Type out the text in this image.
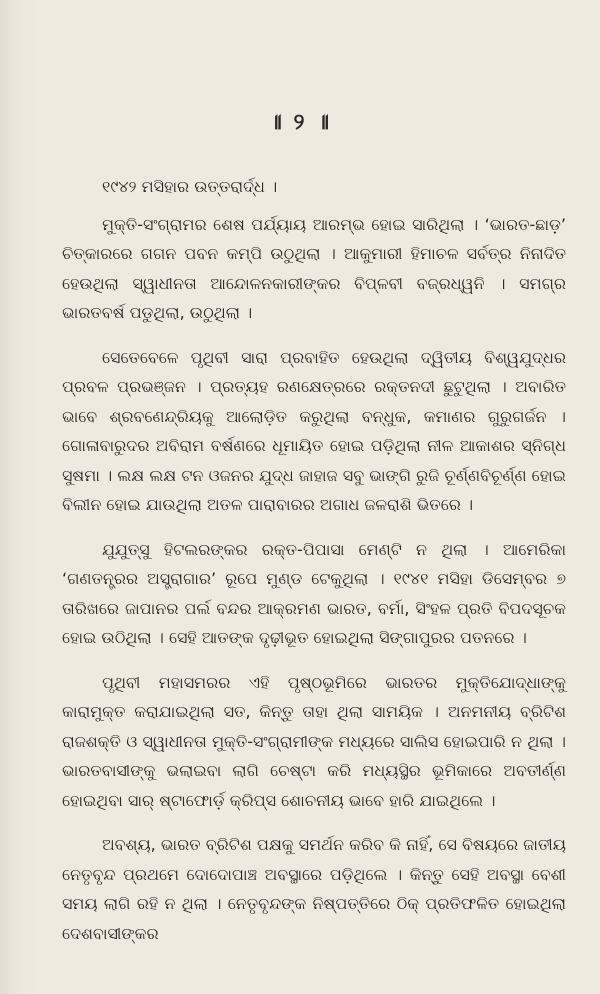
॥ ୨ ॥

୧୯୪୨ ମସିହାର ଉତ୍ତରାର୍ଦ୍ଧ ।

ମୁକ୍ତି-ସଂଗ୍ରାମର ଶେଷ ପର୍ଯ୍ୟାୟ ଆରମ୍ଭ ହୋଇ ସାରିଥିଲା । ‘ଭାରତ-ଛାଡ଼’ ଚିତ୍କାରରେ ଗଗନ ପବନ କମ୍ପି ଉଠୁଥିଲା । ଆକୁମାରୀ ହିମାଚଳ ସର୍ବତ୍ର ନିନାଦିତ ହେଉଥିଲା ସ୍ୱାଧୀନତା ଆନ୍ଦୋଳନକାରୀଙ୍କର ବିପ୍ଳବୀ ବଜ୍ରଧ୍ୱନି । ସମଗ୍ର ଭାରତବର୍ଷ ପଡୁଥିଲା, ଉଠୁଥିଲା ।

ସେତେବେଳେ ପୃଥିବୀ ସାରା ପ୍ରବାହିତ ହେଉଥିଲା ଦ୍ୱିତୀୟ ବିଶ୍ୱଯୁଦ୍ଧର ପ୍ରବଳ ପ୍ରଭଞ୍ଜନ । ପ୍ରତ୍ୟହ ରଣକ୍ଷେତ୍ରରେ ରକ୍ତନଦୀ ଛୁଟୁଥିଲା । ଅବାରିତ ଭାବେ ଶ୍ରବଣେନ୍ଦ୍ରିୟକୁ ଆଲୋଡ଼ିତ କରୁଥିଲା ବନ୍ଧୁକ, କମାଣର ଗୁରୁଗର୍ଜନ । ଗୋଳାବାରୁଦର ଅବିରାମ ବର୍ଷଣରେ ଧୂମାୟିତ ହୋଇ ପଡ଼ିଥିଲା ନୀଳ ଆକାଶର ସ୍ନିଗ୍ଧ ସୁଷମା । ଲକ୍ଷ ଲକ୍ଷ ଟନ ଓଜନର ଯୁଦ୍ଧ ଜାହାଜ ସବୁ ଭାଙ୍ଗି ରୁଜି ଚୂର୍ଣ୍ଣବିଚୂର୍ଣ୍ଣ ହୋଇ ବିଲୀନ ହୋଇ ଯାଉଥିଲା ଅତଳ ପାରାବାରର ଅଗାଧ ଜଳରାଶି ଭିତରେ ।

ଯୁଯୁତ୍ସୁ ହିଟଲରଙ୍କର ରକ୍ତ-ପିପାସା ମେଣ୍ଟି ନ ଥିଲା । ଆମେରିକା ‘ଗଣତନ୍ତ୍ରର ଅସ୍ତ୍ରାଗାର’ ରୂପେ ମୁଣ୍ଡ ଟେକୁଥିଲା । ୧୯୪୧ ମସିହା ଡିସେମ୍ବର ୭ ତାରିଖରେ ଜାପାନର ପର୍ଲ ବନ୍ଦର ଆକ୍ରମଣ ଭାରତ, ବର୍ମା, ସିଂହଳ ପ୍ରତି ବିପଦସୂଚକ ହୋଇ ଉଠିଥିଲା । ସେହି ଆତଙ୍କ ଦୃଢ଼ୀଭୂତ ହୋଇଥିଲା ସିଙ୍ଗାପୁରର ପତନରେ ।

ପୃଥିବୀ ମହାସମରର ଏହି ପୃଷ୍ଠଭୂମିରେ ଭାରତର ମୁକ୍ତିଯୋଦ୍ଧାଙ୍କୁ କାରାମୁକ୍ତ କରାଯାଇଥିଲା ସତ, କିନ୍ତୁ ତାହା ଥିଲା ସାମୟିକ । ଅନମନୀୟ ବ୍ରିଟିଶ ରାଜଶକ୍ତି ଓ ସ୍ୱାଧୀନତା ମୁକ୍ତି-ସଂଗ୍ରାମୀଙ୍କ ମଧ୍ୟରେ ସାଲିସ ହୋଇପାରି ନ ଥିଲା । ଭାରତବାସୀଙ୍କୁ ଭଲାଇବା ଲାଗି ଚେଷ୍ଟା କରି ମଧ୍ୟସ୍ଥିର ଭୂମିକାରେ ଅବତୀର୍ଣ୍ଣ ହୋଇଥିବା ସାର୍ ଷ୍ଟାଫୋର୍ଡ଼ କ୍ରିପ୍ସ ଶୋଚନୀୟ ଭାବେ ହାରି ଯାଇଥିଲେ ।

ଅବଶ୍ୟ, ଭାରତ ବ୍ରିଟିଶ ପକ୍ଷକୁ ସମର୍ଥନ କରିବ କି ନାହିଁ, ସେ ବିଷୟରେ ଜାତୀୟ ନେତୃବୃନ୍ଦ ପ୍ରଥମେ ଦୋଦୋପାଞ୍ଚ ଅବସ୍ଥାରେ ପଡ଼ିଥିଲେ । କିନ୍ତୁ ସେହି ଅବସ୍ଥା ବେଶୀ ସମୟ ଲାଗି ରହି ନ ଥିଲା । ନେତୃବୃନ୍ଦଙ୍କ ନିଷ୍ପତ୍ତିରେ ଠିକ୍ ପ୍ରତିଫଳିତ ହୋଇଥିଲା ଦେଶବାସୀଙ୍କର
